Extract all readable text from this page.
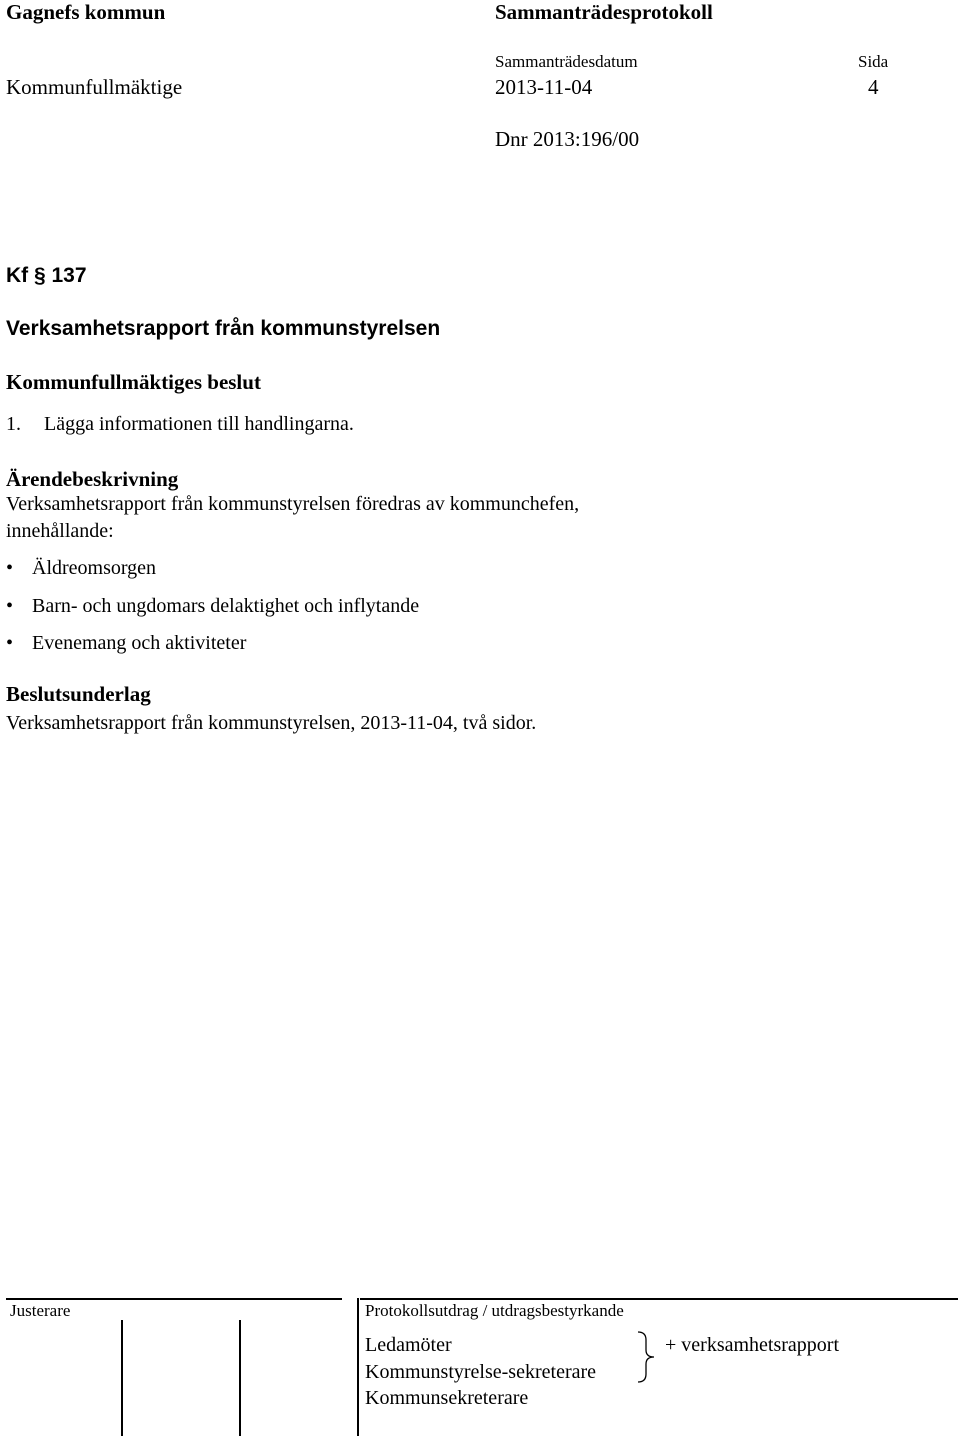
Gagnefs kommun	Sammanträdesprotokoll
Sammanträdesdatum	Sida
Kommunfullmäktige	2013-11-04	4
Dnr 2013:196/00
Kf § 137
Verksamhetsrapport från kommunstyrelsen
Kommunfullmäktiges beslut
1. Lägga informationen till handlingarna.
Ärendebeskrivning
Verksamhetsrapport från kommunstyrelsen föredras av kommunchefen,
innehållande:
• Äldreomsorgen
• Barn- och ungdomars delaktighet och inflytande
• Evenemang och aktiviteter
Beslutsunderlag
Verksamhetsrapport från kommunstyrelsen, 2013-11-04, två sidor.
Justerare	Protokollsutdrag / utdragsbestyrkande
Ledamöter
Kommunstyrelse-sekreterare
Kommunsekreterare
+ verksamhetsrapport
